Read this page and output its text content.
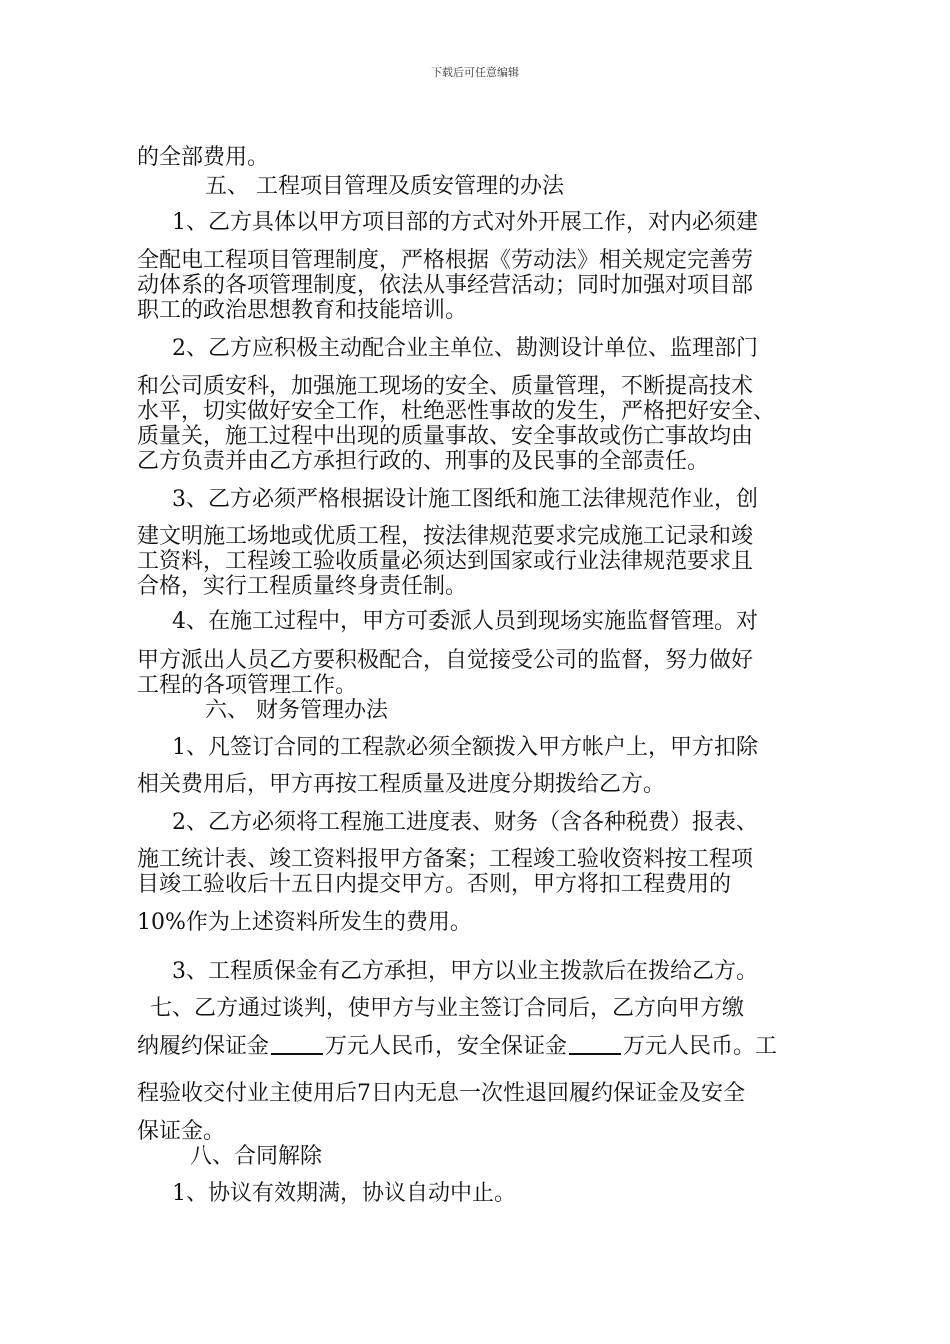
下载后可任意编辑
的全部费用。
五、 工程项目管理及质安管理的办法
1、乙方具体以甲方项目部的方式对外开展工作，对内必须建
全配电工程项目管理制度，严格根据《劳动法》相关规定完善劳
动体系的各项管理制度，依法从事经营活动；同时加强对项目部
职工的政治思想教育和技能培训。
2、乙方应积极主动配合业主单位、勘测设计单位、监理部门
和公司质安科，加强施工现场的安全、质量管理，不断提高技术
水平，切实做好安全工作，杜绝恶性事故的发生，严格把好安全、
质量关，施工过程中出现的质量事故、安全事故或伤亡事故均由
乙方负责并由乙方承担行政的、刑事的及民事的全部责任。
3、乙方必须严格根据设计施工图纸和施工法律规范作业，创
建文明施工场地或优质工程，按法律规范要求完成施工记录和竣
工资料，工程竣工验收质量必须达到国家或行业法律规范要求且
合格，实行工程质量终身责任制。
4、在施工过程中，甲方可委派人员到现场实施监督管理。对
甲方派出人员乙方要积极配合，自觉接受公司的监督，努力做好
工程的各项管理工作。
六、 财务管理办法
1、凡签订合同的工程款必须全额拨入甲方帐户上，甲方扣除
相关费用后，甲方再按工程质量及进度分期拨给乙方。
2、乙方必须将工程施工进度表、财务（含各种税费）报表、
施工统计表、竣工资料报甲方备案；工程竣工验收资料按工程项
目竣工验收后十五日内提交甲方。否则，甲方将扣工程费用的
10%作为上述资料所发生的费用。
3、工程质保金有乙方承担，甲方以业主拨款后在拨给乙方。
七、乙方通过谈判，使甲方与业主签订合同后，乙方向甲方缴
纳履约保证金	万元人民币，安全保证金	万元人民币。工
程验收交付业主使用后7日内无息一次性退回履约保证金及安全
保证金。
八、合同解除
1、协议有效期满，协议自动中止。
